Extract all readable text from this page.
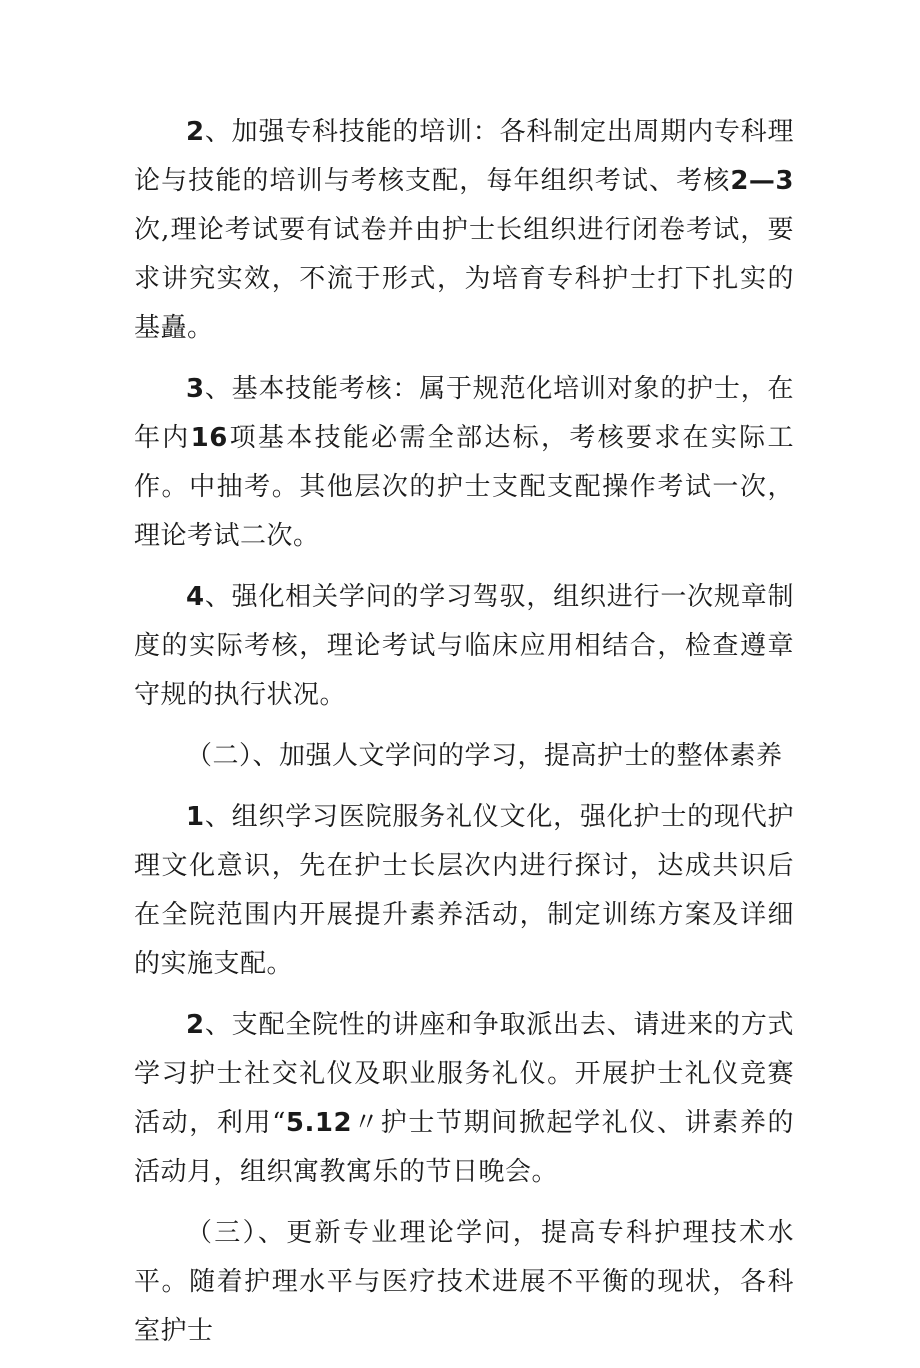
2、加强专科技能的培训：各科制定出周期内专科理论与技能的培训与考核支配，每年组织考试、考核2—3次,理论考试要有试卷并由护士长组织进行闭卷考试，要求讲究实效，不流于形式，为培育专科护士打下扎实的基矗。

3、基本技能考核：属于规范化培训对象的护士，在年内16项基本技能必需全部达标，考核要求在实际工作。中抽考。其他层次的护士支配支配操作考试一次，理论考试二次。

4、强化相关学问的学习驾驭，组织进行一次规章制度的实际考核，理论考试与临床应用相结合，检查遵章守规的执行状况。

（二）、加强人文学问的学习，提高护士的整体素养

1、组织学习医院服务礼仪文化，强化护士的现代护理文化意识，先在护士长层次内进行探讨，达成共识后在全院范围内开展提升素养活动，制定训练方案及详细的实施支配。

2、支配全院性的讲座和争取派出去、请进来的方式学习护士社交礼仪及职业服务礼仪。开展护士礼仪竞赛活动，利用“5.12〃护士节期间掀起学礼仪、讲素养的活动月，组织寓教寓乐的节日晚会。

（三）、更新专业理论学问，提高专科护理技术水平。随着护理水平与医疗技术进展不平衡的现状，各科室护士
